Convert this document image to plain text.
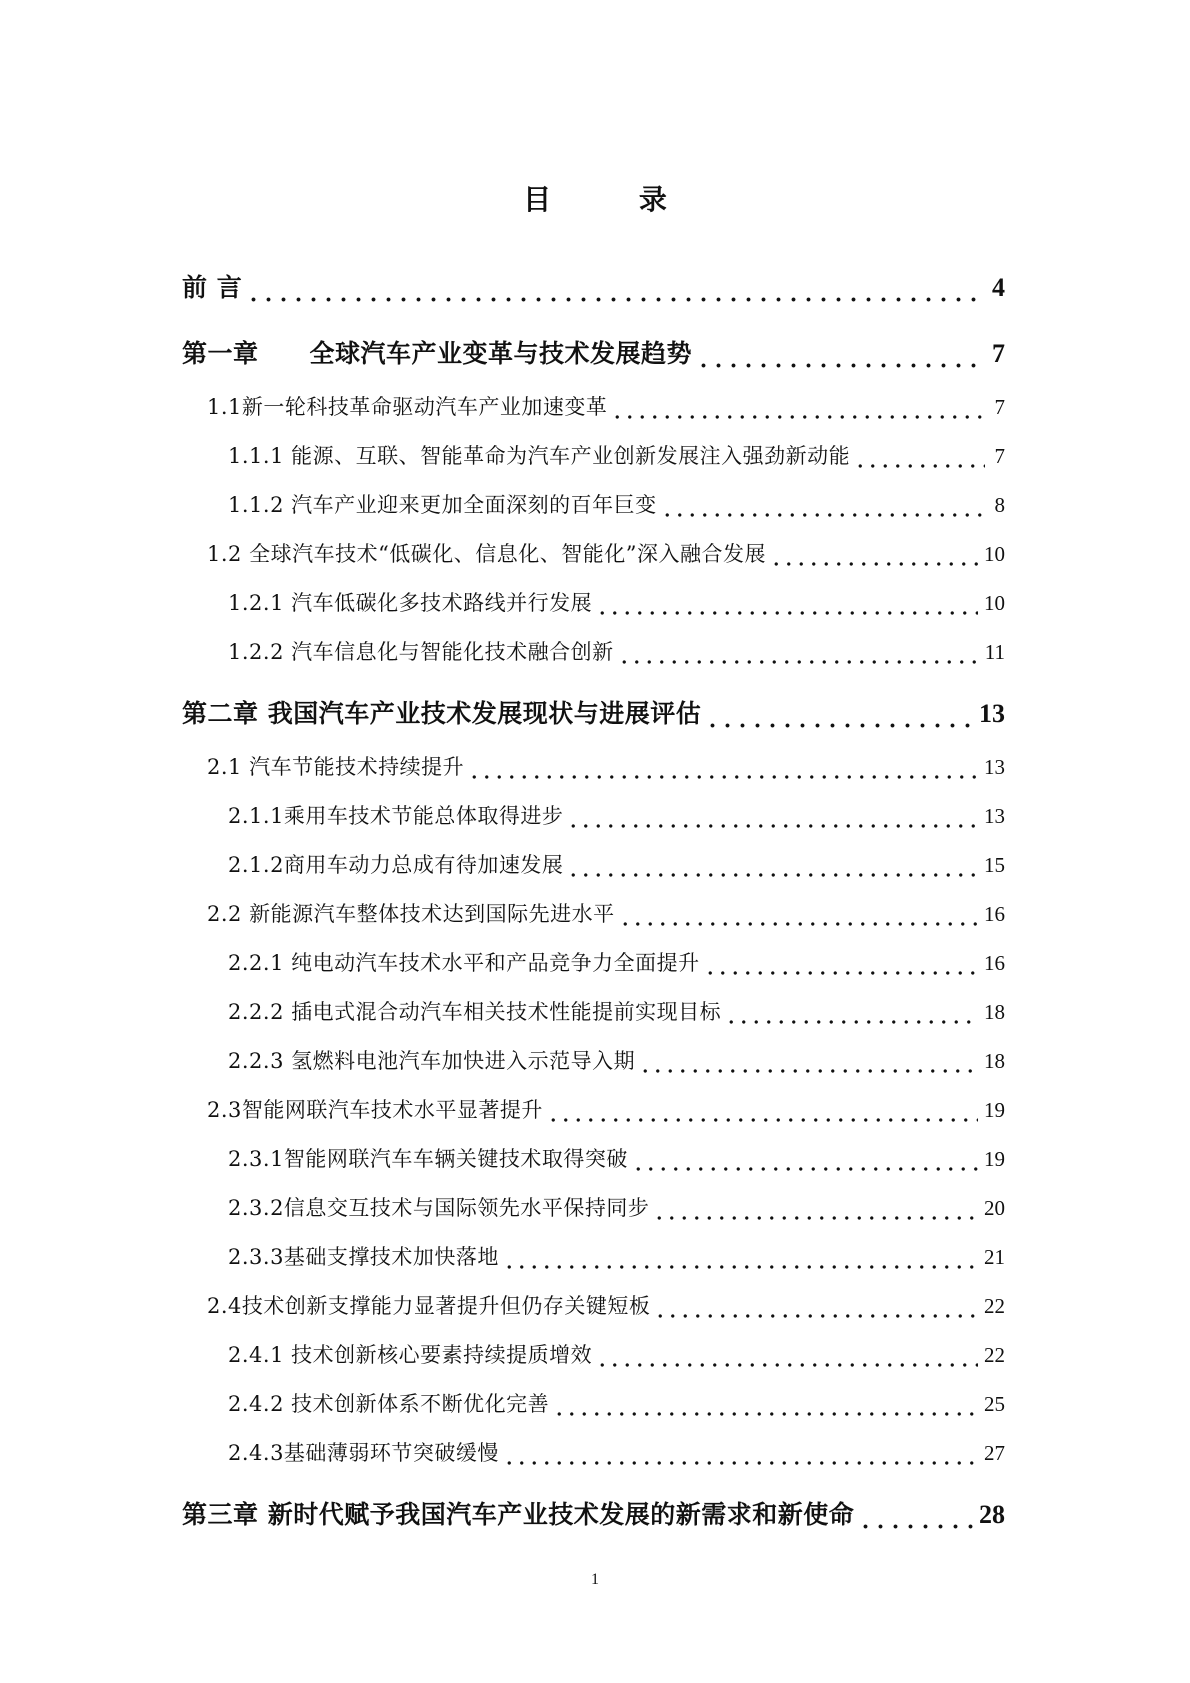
目 录
前 言	4
第一章　　全球汽车产业变革与技术发展趋势	7
1.1新一轮科技革命驱动汽车产业加速变革	7
1.1.1 能源、互联、智能革命为汽车产业创新发展注入强劲新动能	7
1.1.2 汽车产业迎来更加全面深刻的百年巨变	8
1.2 全球汽车技术“低碳化、信息化、智能化”深入融合发展	10
1.2.1 汽车低碳化多技术路线并行发展	10
1.2.2 汽车信息化与智能化技术融合创新	11
第二章 我国汽车产业技术发展现状与进展评估	13
2.1 汽车节能技术持续提升	13
2.1.1乘用车技术节能总体取得进步	13
2.1.2商用车动力总成有待加速发展	15
2.2 新能源汽车整体技术达到国际先进水平	16
2.2.1 纯电动汽车技术水平和产品竞争力全面提升	16
2.2.2 插电式混合动汽车相关技术性能提前实现目标	18
2.2.3 氢燃料电池汽车加快进入示范导入期	18
2.3智能网联汽车技术水平显著提升	19
2.3.1智能网联汽车车辆关键技术取得突破	19
2.3.2信息交互技术与国际领先水平保持同步	20
2.3.3基础支撑技术加快落地	21
2.4技术创新支撑能力显著提升但仍存关键短板	22
2.4.1 技术创新核心要素持续提质增效	22
2.4.2 技术创新体系不断优化完善	25
2.4.3基础薄弱环节突破缓慢	27
第三章 新时代赋予我国汽车产业技术发展的新需求和新使命	28
1
